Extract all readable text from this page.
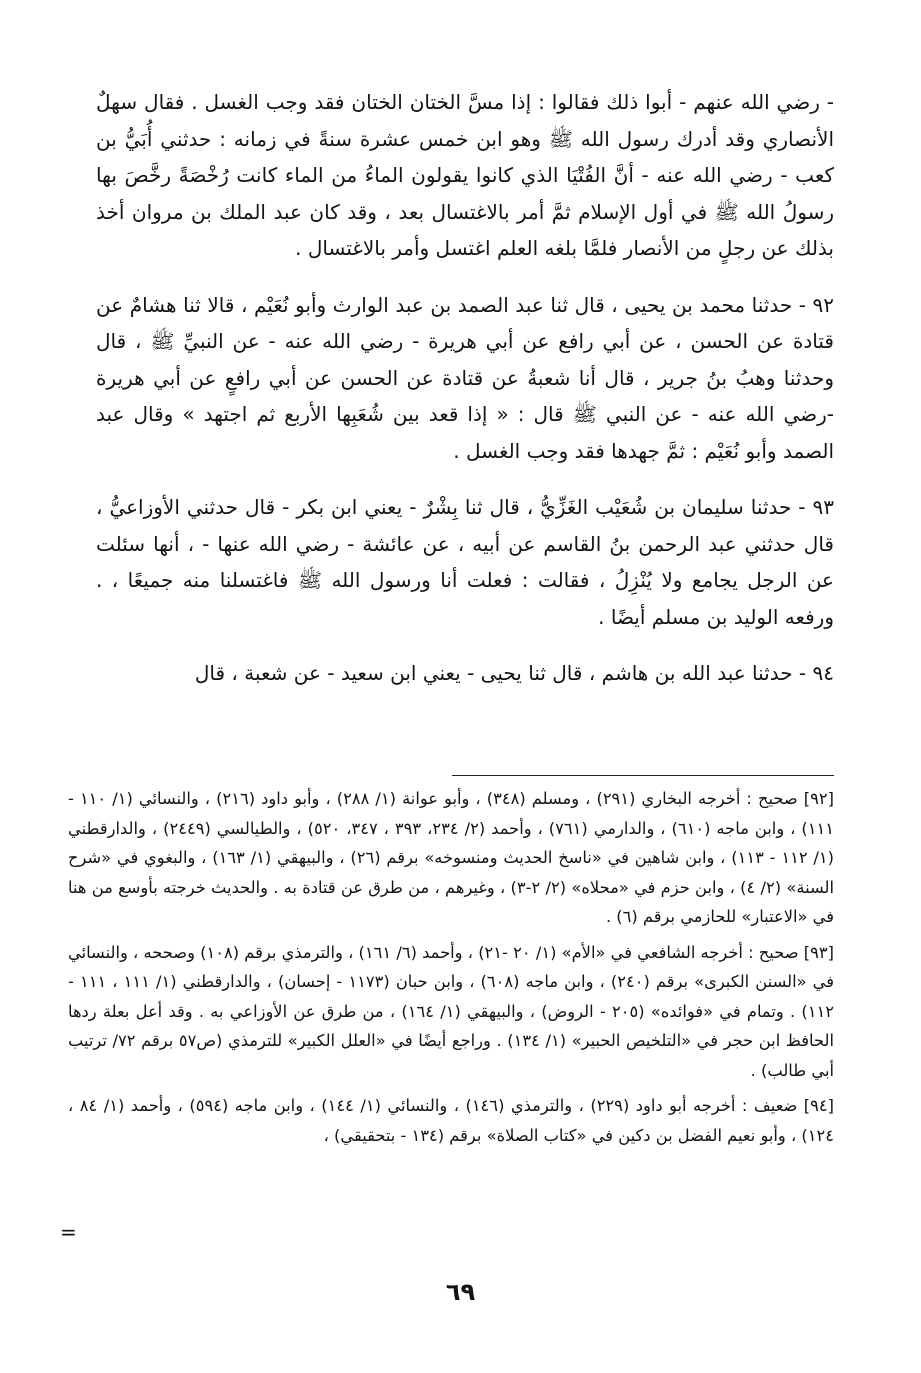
- رضي الله عنهم - أبوا ذلك فقالوا : إذا مسَّ الختان الختان فقد وجب الغسل . فقال سهلٌ الأنصاري وقد أدرك رسول الله ﷺ وهو ابن خمس عشرة سنةً في زمانه : حدثني أُبَيُّ بن كعب - رضي الله عنه - أنَّ الفُتْيَا الذي كانوا يقولون الماءُ من الماء كانت رُخْصَةً رخَّصَ بها رسولُ الله ﷺ في أول الإسلام ثمَّ أمر بالاغتسال بعد ، وقد كان عبد الملك بن مروان أخذ بذلك عن رجلٍ من الأنصار فلمَّا بلغه العلم اغتسل وأمر بالاغتسال .

٩٢ - حدثنا محمد بن يحيى ، قال ثنا عبد الصمد بن عبد الوارث وأبو نُعَيْم ، قالا ثنا هشامٌ عن قتادة عن الحسن ، عن أبي رافع عن أبي هريرة - رضي الله عنه - عن النبيِّ ﷺ ، قال وحدثنا وهبُ بنُ جرير ، قال أنا شعبةُ عن قتادة عن الحسن عن أبي رافعٍ عن أبي هريرة -رضي الله عنه - عن النبي ﷺ قال : « إذا قعد بين شُعَبِها الأربع ثم اجتهد » وقال عبد الصمد وأبو نُعَيْم : ثمَّ جهدها فقد وجب الغسل .

٩٣ - حدثنا سليمان بن شُعَيْب الغَزِّيُّ ، قال ثنا بِشْرٌ - يعني ابن بكر - قال حدثني الأوزاعيُّ ، قال حدثني عبد الرحمن بنُ القاسم عن أبيه ، عن عائشة - رضي الله عنها - ، أنها سئلت عن الرجل يجامع ولا يُنْزِلُ ، فقالت : فعلت أنا ورسول الله ﷺ فاغتسلنا منه جميعًا ، . ورفعه الوليد بن مسلم أيضًا .

٩٤ - حدثنا عبد الله بن هاشم ، قال ثنا يحيى - يعني ابن سعيد - عن شعبة ، قال

[٩٢] صحيح : أخرجه البخاري (٢٩١) ، ومسلم (٣٤٨) ، وأبو عوانة (١/ ٢٨٨) ، وأبو داود (٢١٦) ، والنسائي (١/ ١١٠ - ١١١) ، وابن ماجه (٦١٠) ، والدارمي (٧٦١) ، وأحمد (٢/ ٢٣٤، ٣٩٣ ، ٣٤٧، ٥٢٠) ، والطيالسي (٢٤٤٩) ، والدارقطني (١/ ١١٢ - ١١٣) ، وابن شاهين في «ناسخ الحديث ومنسوخه» برقم (٢٦) ، والبيهقي (١/ ١٦٣) ، والبغوي في «شرح السنة» (٢/ ٤) ، وابن حزم في «محلاه» (٢/ ٢-٣) ، وغيرهم ، من طرق عن قتادة به . والحديث خرجته بأوسع من هنا في «الاعتبار» للحازمي برقم (٦) .

[٩٣] صحيح : أخرجه الشافعي في «الأم» (١/ ٢٠ -٢١) ، وأحمد (٦/ ١٦١) ، والترمذي برقم (١٠٨) وصححه ، والنسائي في «السنن الكبرى» برقم (٢٤٠) ، وابن ماجه (٦٠٨) ، وابن حبان (١١٧٣ - إحسان) ، والدارقطني (١/ ١١١ ، ١١١ - ١١٢) . وتمام في «فوائده» (٢٠٥ - الروض) ، والبيهقي (١/ ١٦٤) ، من طرق عن الأوزاعي به . وقد أعل بعلة ردها الحافظ ابن حجر في «التلخيص الحبير» (١/ ١٣٤) . وراجع أيضًا في «العلل الكبير» للترمذي (ص٥٧ برقم ٧٢/ ترتيب أبي طالب) .

[٩٤] ضعيف : أخرجه أبو داود (٢٢٩) ، والترمذي (١٤٦) ، والنسائي (١/ ١٤٤) ، وابن ماجه (٥٩٤) ، وأحمد (١/ ٨٤ ، ١٢٤) ، وأبو نعيم الفضل بن دكين في «كتاب الصلاة» برقم (١٣٤ - بتحقيقي) ،

=
٦٩
